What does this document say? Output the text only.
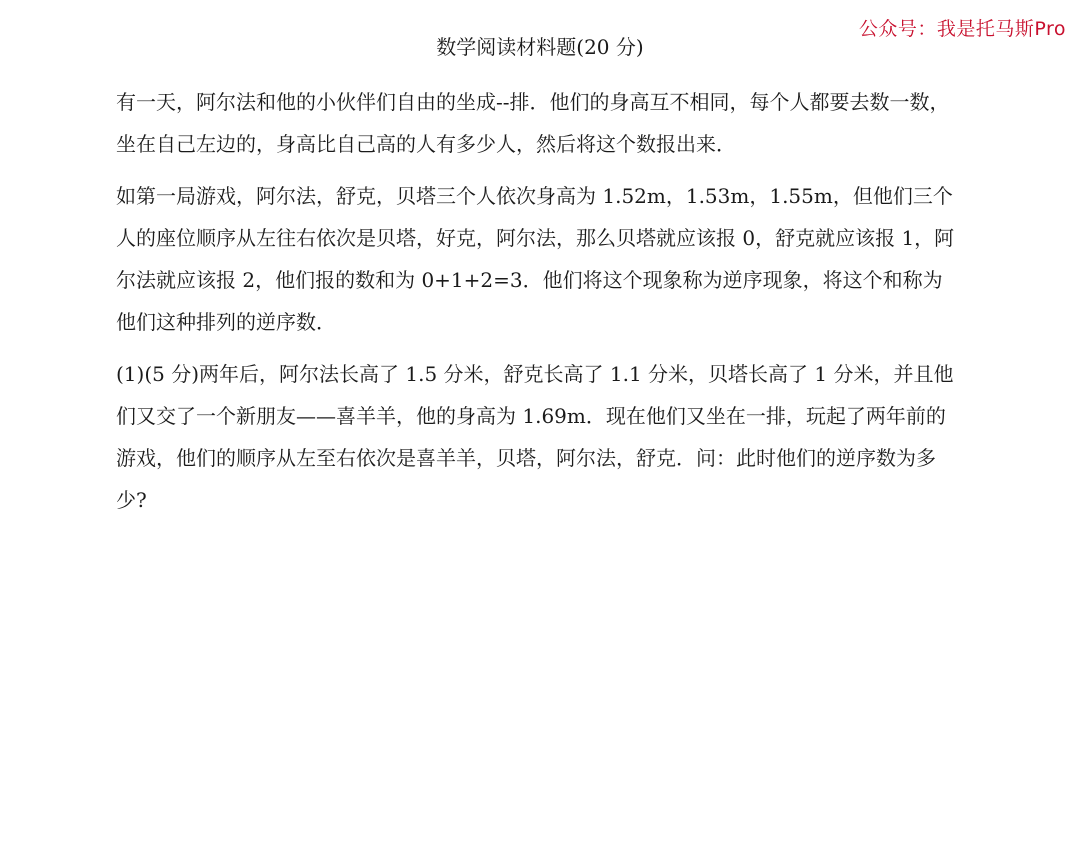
公众号：我是托马斯Pro
数学阅读材料题(20 分)

有一天，阿尔法和他的小伙伴们自由的坐成--排．他们的身高互不相同，每个人都要去数一数，坐在自己左边的，身高比自己高的人有多少人，然后将这个数报出来．

如第一局游戏，阿尔法，舒克，贝塔三个人依次身高为 1.52m，1.53m，1.55m，但他们三个人的座位顺序从左往右依次是贝塔，好克，阿尔法，那么贝塔就应该报 0，舒克就应该报 1，阿尔法就应该报 2，他们报的数和为 0+1+2=3．他们将这个现象称为逆序现象，将这个和称为他们这种排列的逆序数．

(1)(5 分)两年后，阿尔法长高了 1.5 分米，舒克长高了 1.1 分米，贝塔长高了 1 分米，并且他们又交了一个新朋友——喜羊羊，他的身高为 1.69m．现在他们又坐在一排，玩起了两年前的游戏，他们的顺序从左至右依次是喜羊羊，贝塔，阿尔法，舒克．问：此时他们的逆序数为多少?
